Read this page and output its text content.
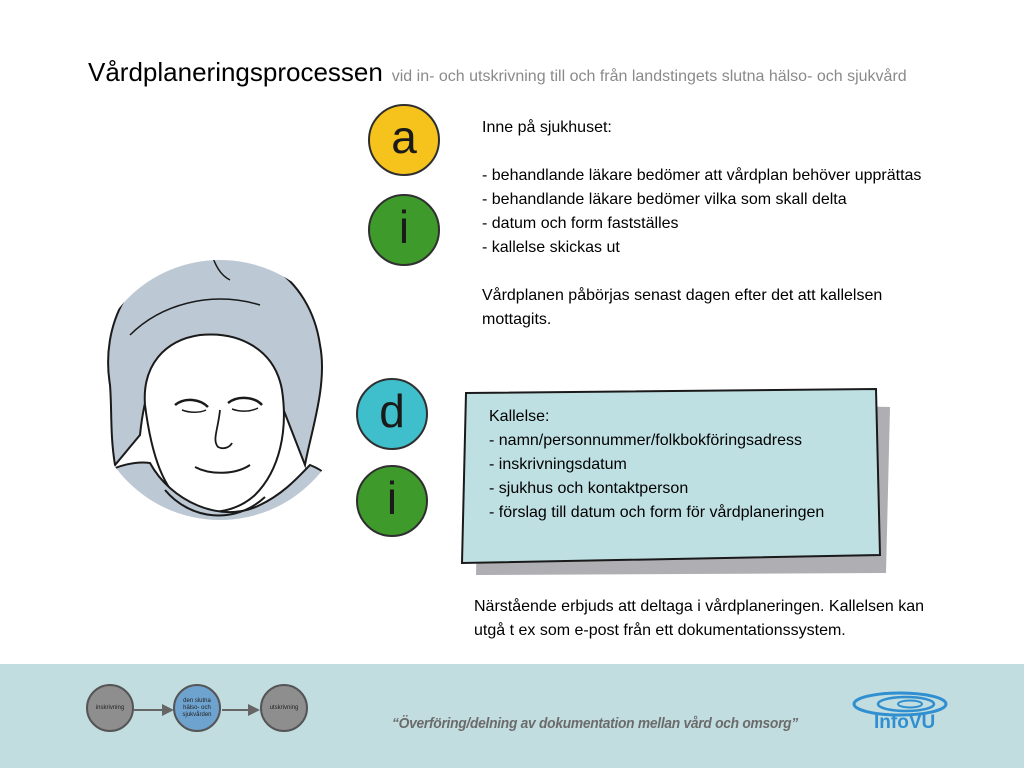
Vårdplaneringsprocessen vid in- och utskrivning till och från landstingets slutna hälso- och sjukvård
a
i
d
i

Inne på sjukhuset:

- behandlande läkare bedömer att vårdplan behöver upprättas
- behandlande läkare bedömer vilka som skall delta
- datum och form fastställes
- kallelse skickas ut

Vårdplanen påbörjas senast dagen efter det att kallelsen mottagits.

Kallelse:
- namn/personnummer/folkbokföringsadress
- inskrivningsdatum
- sjukhus och kontaktperson
- förslag till datum och form för vårdplaneringen
Närstående erbjuds att deltaga i vårdplaneringen. Kallelsen kan utgå t ex som e-post från ett dokumentationssystem.
inskrivning
den slutna hälso- och sjukvården
utskrivning
“Överföring/delning av dokumentation mellan vård och omsorg”	InfoVU
